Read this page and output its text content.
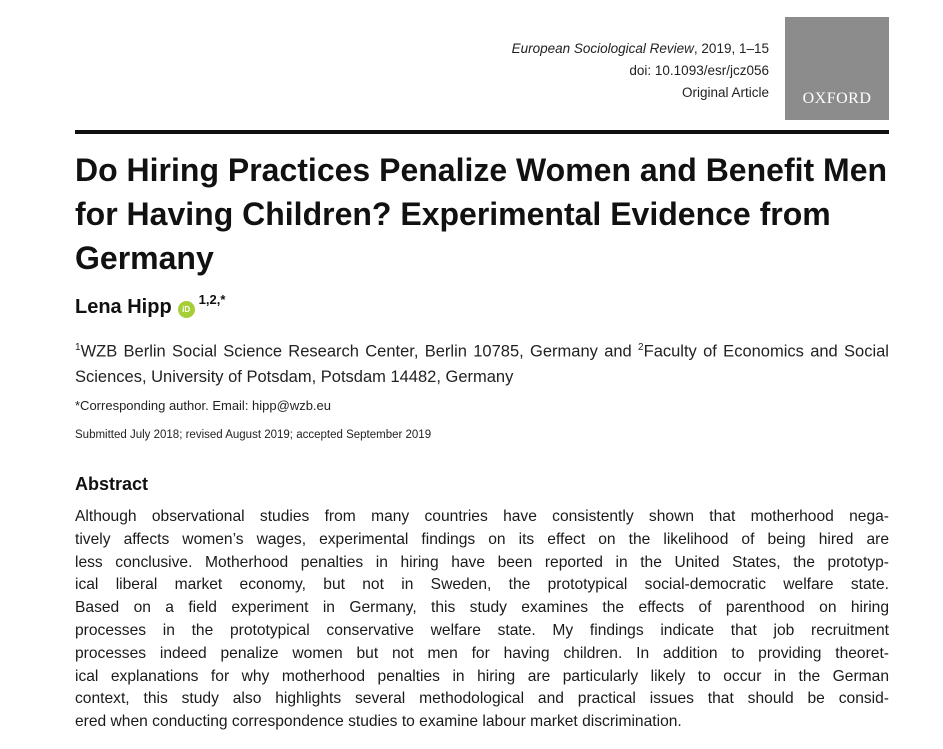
European Sociological Review, 2019, 1–15
doi: 10.1093/esr/jcz056
Original Article	OXFORD
Do Hiring Practices Penalize Women and Benefit Men for Having Children? Experimental Evidence from Germany
Lena Hipp $iD^{1,2,*}$
$^1$WZB Berlin Social Science Research Center, Berlin 10785, Germany and $^2$Faculty of Economics and Social Sciences, University of Potsdam, Potsdam 14482, Germany
*Corresponding author. Email: hipp@wzb.eu
Submitted July 2018; revised August 2019; accepted September 2019
Abstract

Although observational studies from many countries have consistently shown that motherhood nega-
tively affects women’s wages, experimental findings on its effect on the likelihood of being hired are
less conclusive. Motherhood penalties in hiring have been reported in the United States, the prototyp-
ical liberal market economy, but not in Sweden, the prototypical social-democratic welfare state.
Based on a field experiment in Germany, this study examines the effects of parenthood on hiring
processes in the prototypical conservative welfare state. My findings indicate that job recruitment
processes indeed penalize women but not men for having children. In addition to providing theoret-
ical explanations for why motherhood penalties in hiring are particularly likely to occur in the German
context, this study also highlights several methodological and practical issues that should be consid-
ered when conducting correspondence studies to examine labour market discrimination.
